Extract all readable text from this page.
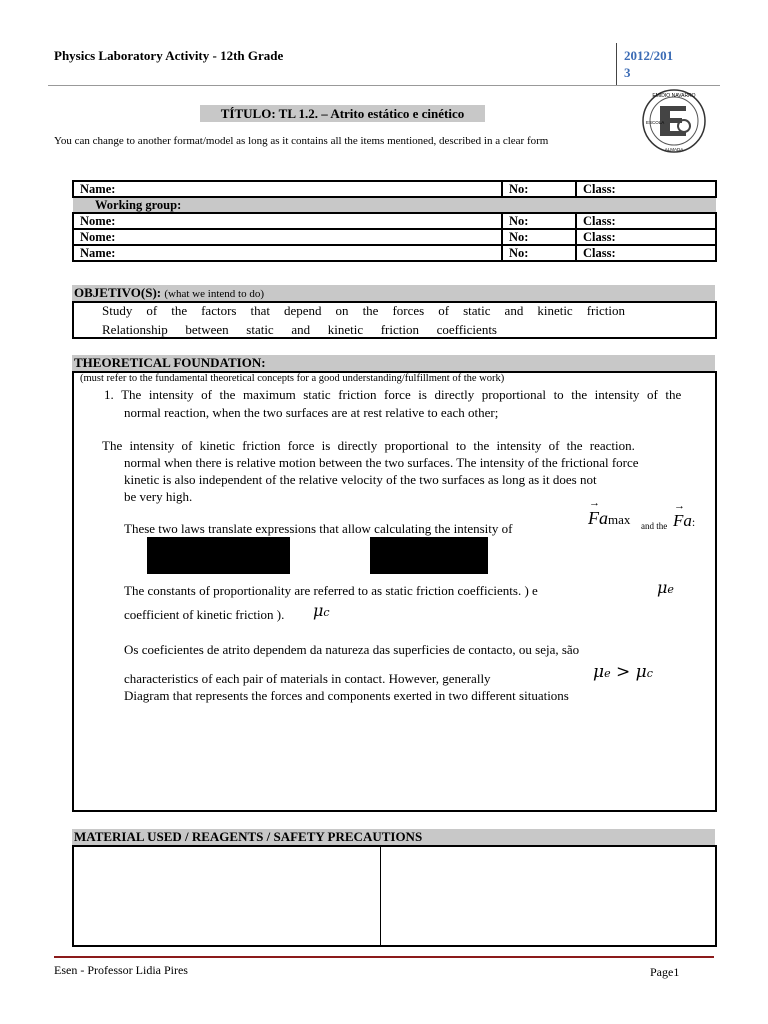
Physics Laboratory Activity - 12th Grade	2012/201
3
EMÍDIO NAVARRO
ESCOLA
ALMADA
TÍTULO: TL 1.2. – Atrito estático e cinético
You can change to another format/model as long as it contains all the items mentioned, described in a clear form
Name:	No:	Class:
Working group:		
Nome:	No:	Class:
Nome:	No:	Class:
Name:	No:	Class:
OBJETIVO(S): (what we intend to do)
Study of the factors that depend on the forces of static and kinetic friction
Relationship between static and kinetic friction coefficients
THEORETICAL FOUNDATION:
(must refer to the fundamental theoretical concepts for a good understanding/fulfillment of the work)
1. The intensity of the maximum static friction force is directly proportional to the intensity of the
normal reaction, when the two surfaces are at rest relative to each other;
The intensity of kinetic friction force is directly proportional to the intensity of the reaction.
normal when there is relative motion between the two surfaces. The intensity of the frictional force
kinetic is also independent of the relative velocity of the two surfaces as long as it does not
be very high.
These two laws translate expressions that allow calculating the intensity of
→
Famax and the
→
Fa:
The constants of proportionality are referred to as static friction coefficients. ) e	μe
coefficient of kinetic friction ). μc
Os coeficientes de atrito dependem da natureza das superficies de contacto, ou seja, são
characteristics of each pair of materials in contact. However, generally	μe > μc
Diagram that represents the forces and components exerted in two different situations
MATERIAL USED / REAGENTS / SAFETY PRECAUTIONS
Esen - Professor Lidia Pires	Page1
